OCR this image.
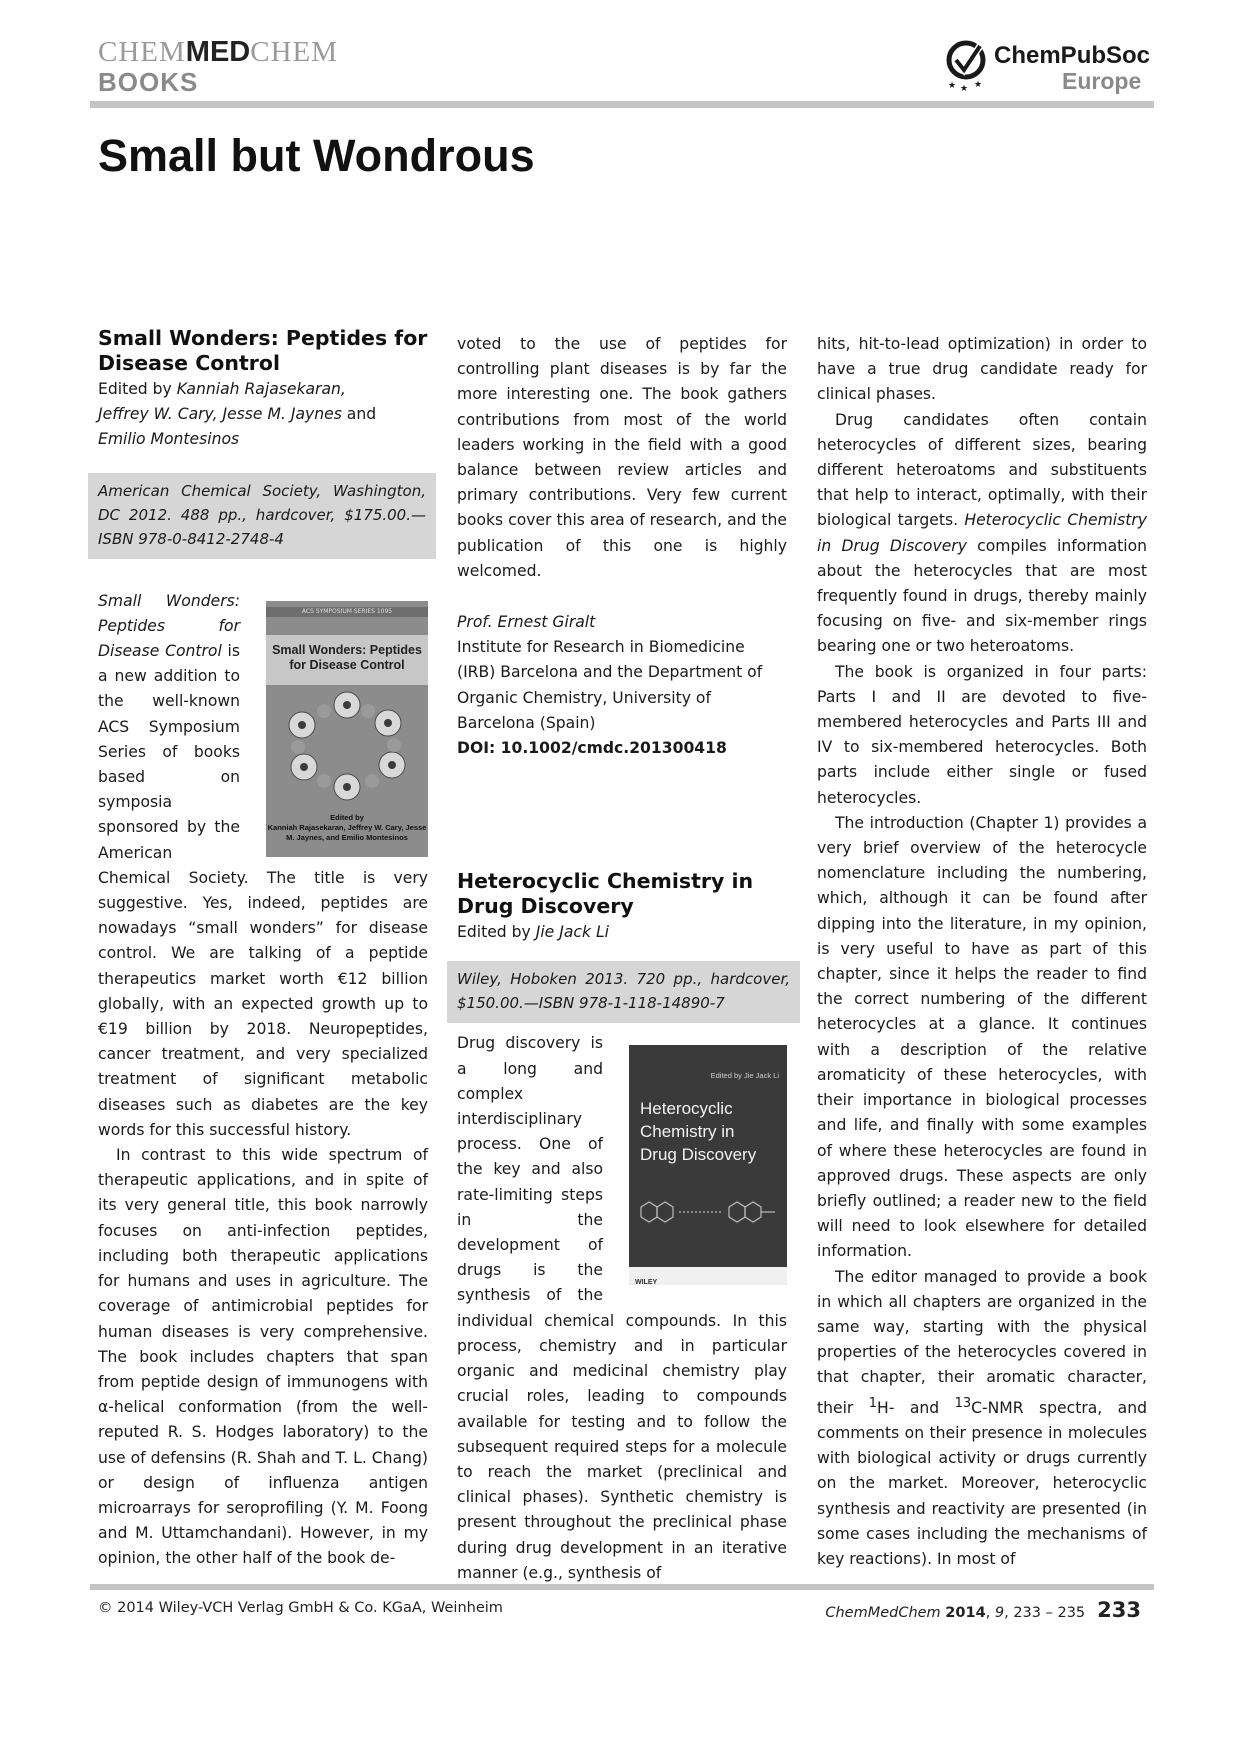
CHEMMEDCHEM
BOOKS	★ ★ ★
ChemPubSoc
Europe
Small but Wondrous
Small Wonders: Peptides for Disease Control
Edited by Kanniah Rajasekaran,
Jeffrey W. Cary, Jesse M. Jaynes and
Emilio Montesinos
American Chemical Society, Washington, DC 2012. 488 pp., hardcover, $175.00.—ISBN 978-0-8412-2748-4
ACS SYMPOSIUM SERIES 1095
Small Wonders: Peptides for Disease Control
Edited by
Kanniah Rajasekaran, Jeffrey W. Cary, Jesse M. Jaynes, and Emilio Montesinos

Small Wonders: Peptides for Disease Control is a new addition to the well-known ACS Symposium Series of books based on symposia sponsored by the American Chemical Society. The title is very suggestive. Yes, indeed, peptides are nowadays “small wonders” for disease control. We are talking of a peptide therapeutics market worth €12 billion globally, with an expected growth up to €19 billion by 2018. Neuropeptides, cancer treatment, and very specialized treatment of significant metabolic diseases such as diabetes are the key words for this successful history.

In contrast to this wide spectrum of therapeutic applications, and in spite of its very general title, this book narrowly focuses on anti-infection peptides, including both therapeutic applications for humans and uses in agriculture. The coverage of antimicrobial peptides for human diseases is very comprehensive. The book includes chapters that span from peptide design of immunogens with α-helical conformation (from the well-reputed R. S. Hodges laboratory) to the use of defensins (R. Shah and T. L. Chang) or design of influenza antigen microarrays for seroprofiling (Y. M. Foong and M. Uttamchandani). However, in my opinion, the other half of the book de-

voted to the use of peptides for controlling plant diseases is by far the more interesting one. The book gathers contributions from most of the world leaders working in the field with a good balance between review articles and primary contributions. Very few current books cover this area of research, and the publication of this one is highly welcomed.

Prof. Ernest Giralt
Institute for Research in Biomedicine (IRB) Barcelona and the Department of Organic Chemistry, University of Barcelona (Spain)
DOI: 10.1002/cmdc.201300418
Heterocyclic Chemistry in Drug Discovery
Edited by Jie Jack Li
Wiley, Hoboken 2013. 720 pp., hardcover, $150.00.—ISBN 978-1-118-14890-7
Edited by Jie Jack Li
Heterocyclic
Chemistry in
Drug Discovery
WILEY

Drug discovery is a long and complex interdisciplinary process. One of the key and also rate-limiting steps in the development of drugs is the synthesis of the individual chemical compounds. In this process, chemistry and in particular organic and medicinal chemistry play crucial roles, leading to compounds available for testing and to follow the subsequent required steps for a molecule to reach the market (preclinical and clinical phases). Synthetic chemistry is present throughout the preclinical phase during drug development in an iterative manner (e.g., synthesis of

hits, hit-to-lead optimization) in order to have a true drug candidate ready for clinical phases.

Drug candidates often contain heterocycles of different sizes, bearing different heteroatoms and substituents that help to interact, optimally, with their biological targets. Heterocyclic Chemistry in Drug Discovery compiles information about the heterocycles that are most frequently found in drugs, thereby mainly focusing on five- and six-member rings bearing one or two heteroatoms.

The book is organized in four parts: Parts I and II are devoted to five-membered heterocycles and Parts III and IV to six-membered heterocycles. Both parts include either single or fused heterocycles.

The introduction (Chapter 1) provides a very brief overview of the heterocycle nomenclature including the numbering, which, although it can be found after dipping into the literature, in my opinion, is very useful to have as part of this chapter, since it helps the reader to find the correct numbering of the different heterocycles at a glance. It continues with a description of the relative aromaticity of these heterocycles, with their importance in biological processes and life, and finally with some examples of where these heterocycles are found in approved drugs. These aspects are only briefly outlined; a reader new to the field will need to look elsewhere for detailed information.

The editor managed to provide a book in which all chapters are organized in the same way, starting with the physical properties of the heterocycles covered in that chapter, their aromatic character, their $^1$H- and $^{13}$C-NMR spectra, and comments on their presence in molecules with biological activity or drugs currently on the market. Moreover, heterocyclic synthesis and reactivity are presented (in some cases including the mechanisms of key reactions). In most of

© 2014 Wiley-VCH Verlag GmbH & Co. KGaA, Weinheim	ChemMedChem 2014, 9, 233 – 235 233
